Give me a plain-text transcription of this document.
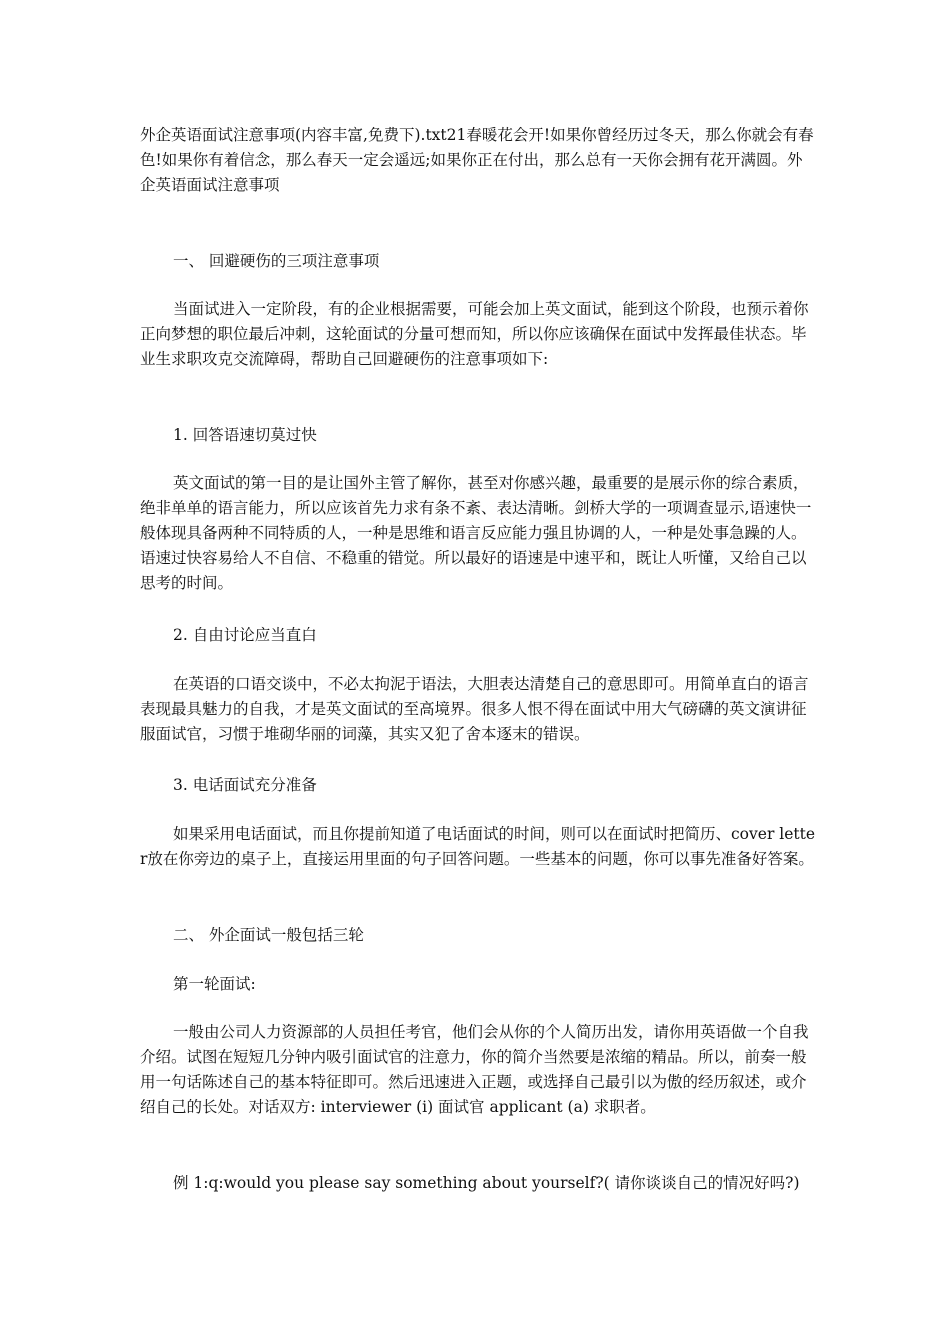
外企英语面试注意事项(内容丰富,免费下).txt21春暖花会开!如果你曾经历过冬天，那么你就会有春色!如果你有着信念，那么春天一定会遥远;如果你正在付出，那么总有一天你会拥有花开满圆。外企英语面试注意事项

一、 回避硬伤的三项注意事项

当面试进入一定阶段，有的企业根据需要，可能会加上英文面试，能到这个阶段，也预示着你正向梦想的职位最后冲刺，这轮面试的分量可想而知，所以你应该确保在面试中发挥最佳状态。毕业生求职攻克交流障碍，帮助自己回避硬伤的注意事项如下:

1. 回答语速切莫过快

英文面试的第一目的是让国外主管了解你，甚至对你感兴趣，最重要的是展示你的综合素质，绝非单单的语言能力，所以应该首先力求有条不紊、表达清晰。剑桥大学的一项调查显示,语速快一般体现具备两种不同特质的人，一种是思维和语言反应能力强且协调的人，一种是处事急躁的人。语速过快容易给人不自信、不稳重的错觉。所以最好的语速是中速平和，既让人听懂，又给自己以思考的时间。

2. 自由讨论应当直白

在英语的口语交谈中，不必太拘泥于语法，大胆表达清楚自己的意思即可。用简单直白的语言表现最具魅力的自我，才是英文面试的至高境界。很多人恨不得在面试中用大气磅礴的英文演讲征服面试官，习惯于堆砌华丽的词藻，其实又犯了舍本逐末的错误。

3. 电话面试充分准备

如果采用电话面试，而且你提前知道了电话面试的时间，则可以在面试时把简历、cover letter放在你旁边的桌子上，直接运用里面的句子回答问题。一些基本的问题，你可以事先准备好答案。

二、 外企面试一般包括三轮

第一轮面试:

一般由公司人力资源部的人员担任考官，他们会从你的个人简历出发，请你用英语做一个自我介绍。试图在短短几分钟内吸引面试官的注意力，你的简介当然要是浓缩的精品。所以，前奏一般用一句话陈述自己的基本特征即可。然后迅速进入正题，或选择自己最引以为傲的经历叙述，或介绍自己的长处。对话双方: interviewer (i) 面试官 applicant (a) 求职者。

例 1:q:would you please say something about yourself?( 请你谈谈自己的情况好吗?)
